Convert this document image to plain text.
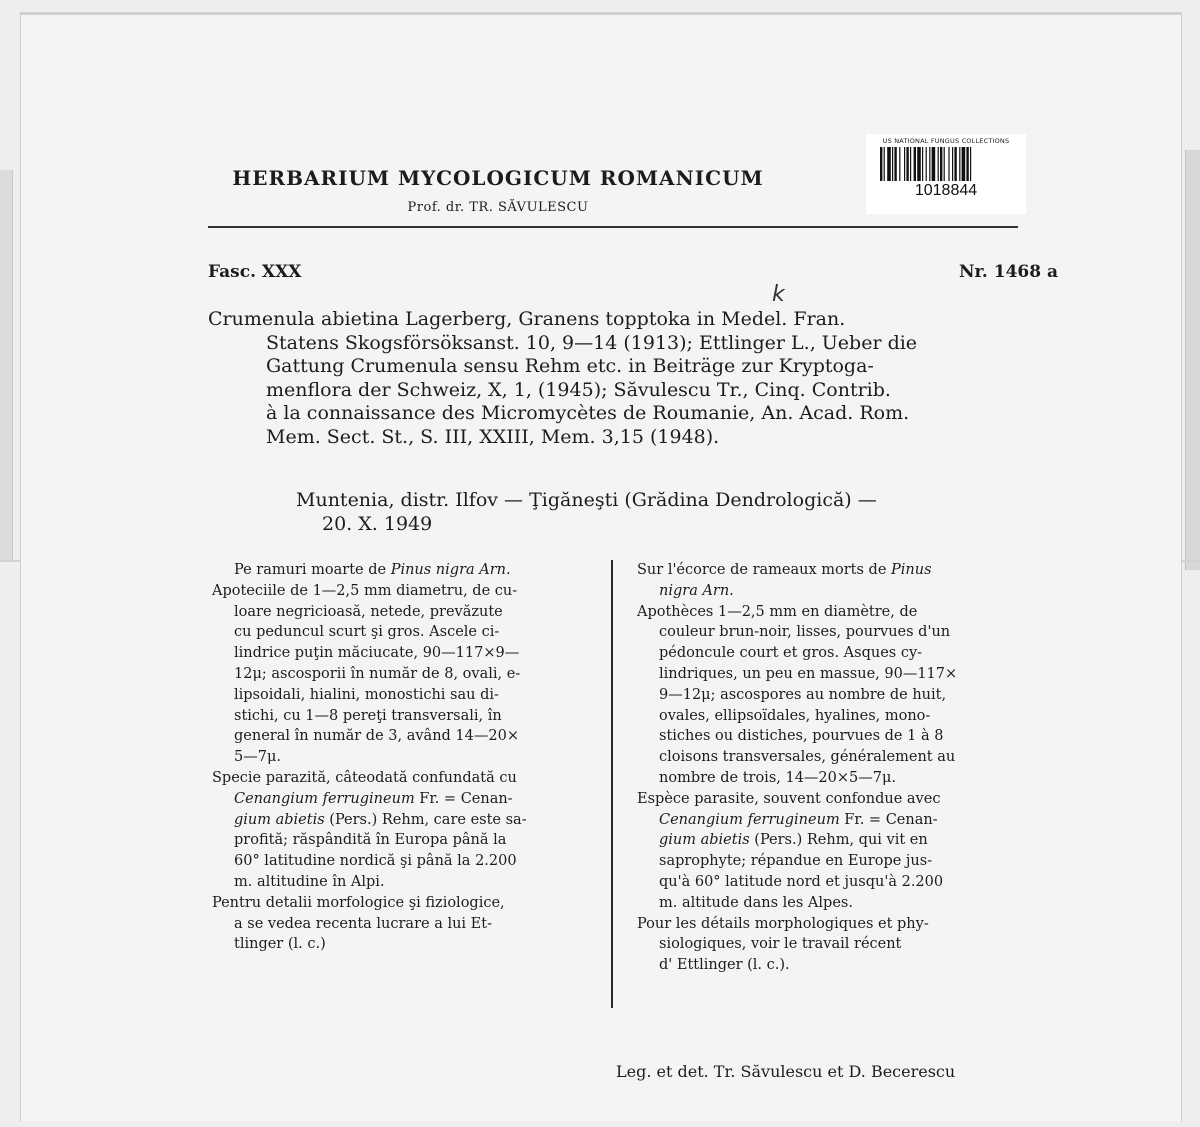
US NATIONAL FUNGUS COLLECTIONS
1018844
HERBARIUM MYCOLOGICUM ROMANICUM
Prof. dr. TR. SĂVULESCU
Fasc. XXX	Nr. 1468 a
k
Crumenula abietina Lagerberg, Granens topptoka in Medel. Fran.
Statens Skogsförsöksanst. 10, 9—14 (1913); Ettlinger L., Ueber die
Gattung Crumenula sensu Rehm etc. in Beiträge zur Kryptoga-
menflora der Schweiz, X, 1, (1945); Săvulescu Tr., Cinq. Contrib.
à la connaissance des Micromycètes de Roumanie, An. Acad. Rom.
Mem. Sect. St., S. III, XXIII, Mem. 3,15 (1948).
Muntenia, distr. Ilfov — Ţigăneşti (Grădina Dendrologică) —
20. X. 1949
Pe ramuri moarte de Pinus nigra Arn.
Apoteciile de 1—2,5 mm diametru, de cu-
loare negricioasă, netede, prevăzute
cu peduncul scurt şi gros. Ascele ci-
lindrice puţin măciucate, 90—117×9—
12μ; ascosporii în număr de 8, ovali, e-
lipsoidali, hialini, monostichi sau di-
stichi, cu 1—8 pereţi transversali, în
general în număr de 3, având 14—20×
5—7μ.
Specie parazită, câteodată confundată cu
Cenangium ferrugineum Fr. = Cenan-
gium abietis (Pers.) Rehm, care este sa-
profită; răspândită în Europa până la
60° latitudine nordică şi până la 2.200
m. altitudine în Alpi.
Pentru detalii morfologice şi fiziologice,
a se vedea recenta lucrare a lui Et-
tlinger (l. c.)
Sur l'écorce de rameaux morts de Pinus
nigra Arn.
Apothèces 1—2,5 mm en diamètre, de
couleur brun-noir, lisses, pourvues d'un
pédoncule court et gros. Asques cy-
lindriques, un peu en massue, 90—117×
9—12μ; ascospores au nombre de huit,
ovales, ellipsoïdales, hyalines, mono-
stiches ou distiches, pourvues de 1 à 8
cloisons transversales, généralement au
nombre de trois, 14—20×5—7μ.
Espèce parasite, souvent confondue avec
Cenangium ferrugineum Fr. = Cenan-
gium abietis (Pers.) Rehm, qui vit en
saprophyte; répandue en Europe jus-
qu'à 60° latitude nord et jusqu'à 2.200
m. altitude dans les Alpes.
Pour les détails morphologiques et phy-
siologiques, voir le travail récent
d' Ettlinger (l. c.).
Leg. et det. Tr. Săvulescu et D. Becerescu
